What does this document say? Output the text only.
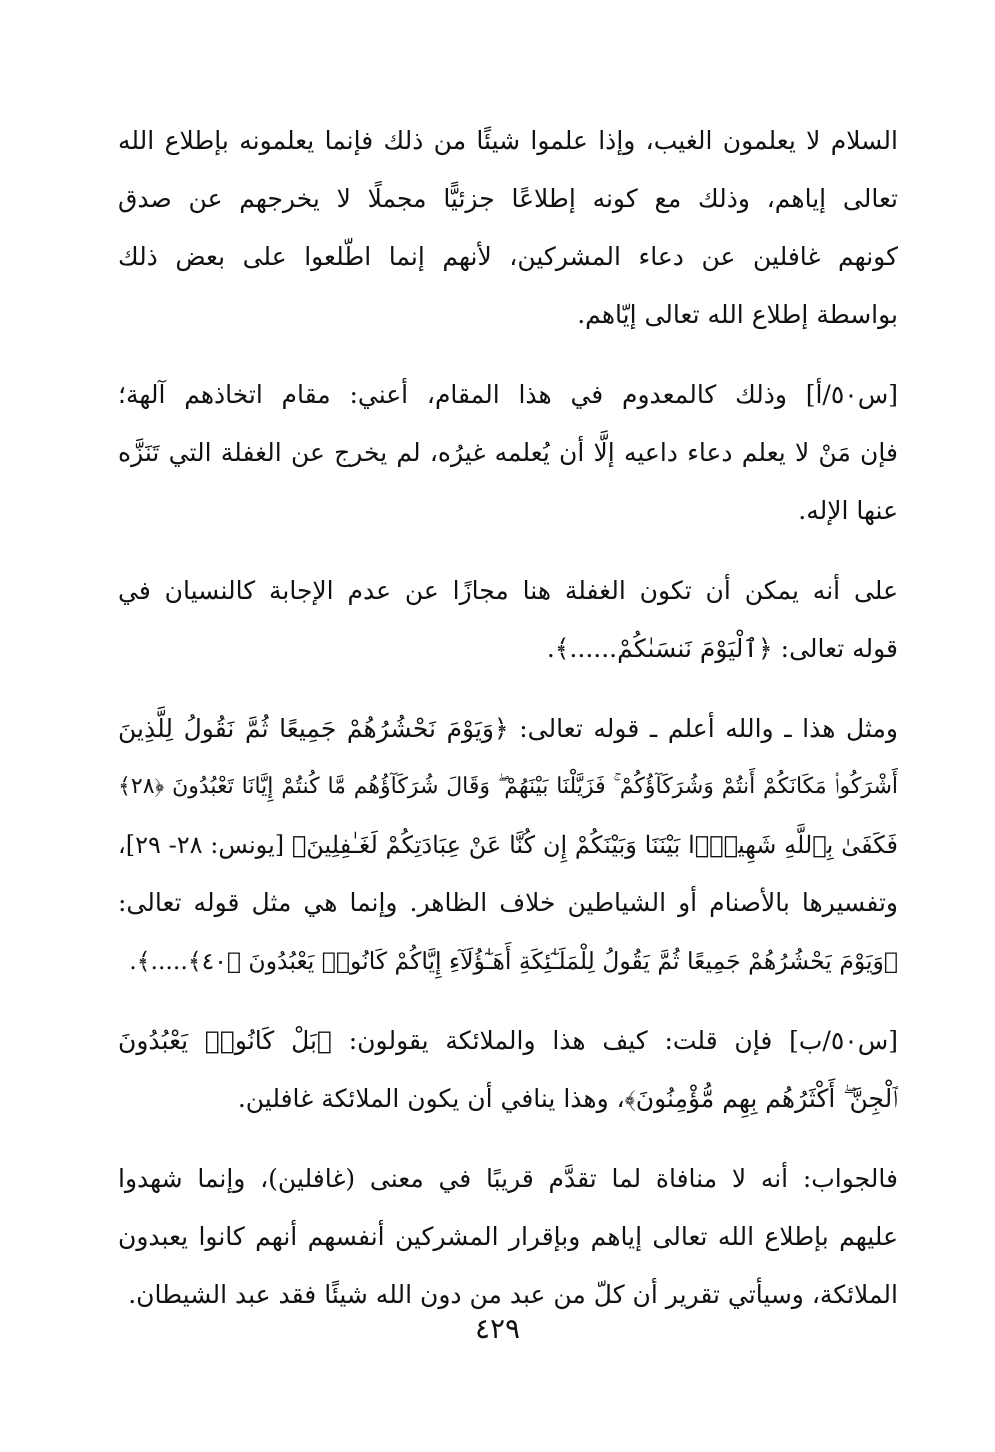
السلام لا يعلمون الغيب، وإذا علموا شيئًا من ذلك فإنما يعلمونه بإطلاع الله
تعالى إياهم، وذلك مع كونه إطلاعًا جزئيًّا مجملًا لا يخرجهم عن صدق
كونهم غافلين عن دعاء المشركين، لأنهم إنما اطّلعوا على بعض ذلك
بواسطة إطلاع الله تعالى إيّاهم.
[س٥٠/أ] وذلك كالمعدوم في هذا المقام، أعني: مقام اتخاذهم آلهة؛
فإن مَنْ لا يعلم دعاء داعيه إلَّا أن يُعلمه غيرُه، لم يخرج عن الغفلة التي تَنَزَّه
عنها الإله.
على أنه يمكن أن تكون الغفلة هنا مجازًا عن عدم الإجابة كالنسيان في
قوله تعالى: ﴿ٱلْيَوْمَ نَنسَىٰكُمْ......﴾.
ومثل هذا ـ والله أعلم ـ قوله تعالى: ﴿وَيَوْمَ نَحْشُرُهُمْ جَمِيعًا ثُمَّ نَقُولُ لِلَّذِينَ
أَشْرَكُوا۟ مَكَانَكُمْ أَنتُمْ وَشُرَكَآؤُكُمْ ۚ فَزَيَّلْنَا بَيْنَهُمْ ۖ وَقَالَ شُرَكَآؤُهُم مَّا كُنتُمْ إِيَّانَا تَعْبُدُونَ ﴿٢٨﴾
فَكَفَىٰ بِٱللَّهِ شَهِيدًۢا بَيْنَنَا وَبَيْنَكُمْ إِن كُنَّا عَنْ عِبَادَتِكُمْ لَغَـٰفِلِينَ﴾ [يونس: ٢٨- ٢٩]،
وتفسيرها بالأصنام أو الشياطين خلاف الظاهر. وإنما هي مثل قوله تعالى:
﴿وَيَوْمَ يَحْشُرُهُمْ جَمِيعًا ثُمَّ يَقُولُ لِلْمَلَـٰٓئِكَةِ أَهَـٰٓؤُلَآءِ إِيَّاكُمْ كَانُوا۟ يَعْبُدُونَ ﴿٤٠﴾.....﴾.
[س٥٠/ب] فإن قلت: كيف هذا والملائكة يقولون: ﴿بَلْ كَانُوا۟ يَعْبُدُونَ
ٱلْجِنَّ ۖ أَكْثَرُهُم بِهِم مُّؤْمِنُونَ﴾، وهذا ينافي أن يكون الملائكة غافلين.
فالجواب: أنه لا منافاة لما تقدَّم قريبًا في معنى (غافلين)، وإنما شهدوا
عليهم بإطلاع الله تعالى إياهم وبإقرار المشركين أنفسهم أنهم كانوا يعبدون
الملائكة، وسيأتي تقرير أن كلّ من عبد من دون الله شيئًا فقد عبد الشيطان.
٤٢٩
